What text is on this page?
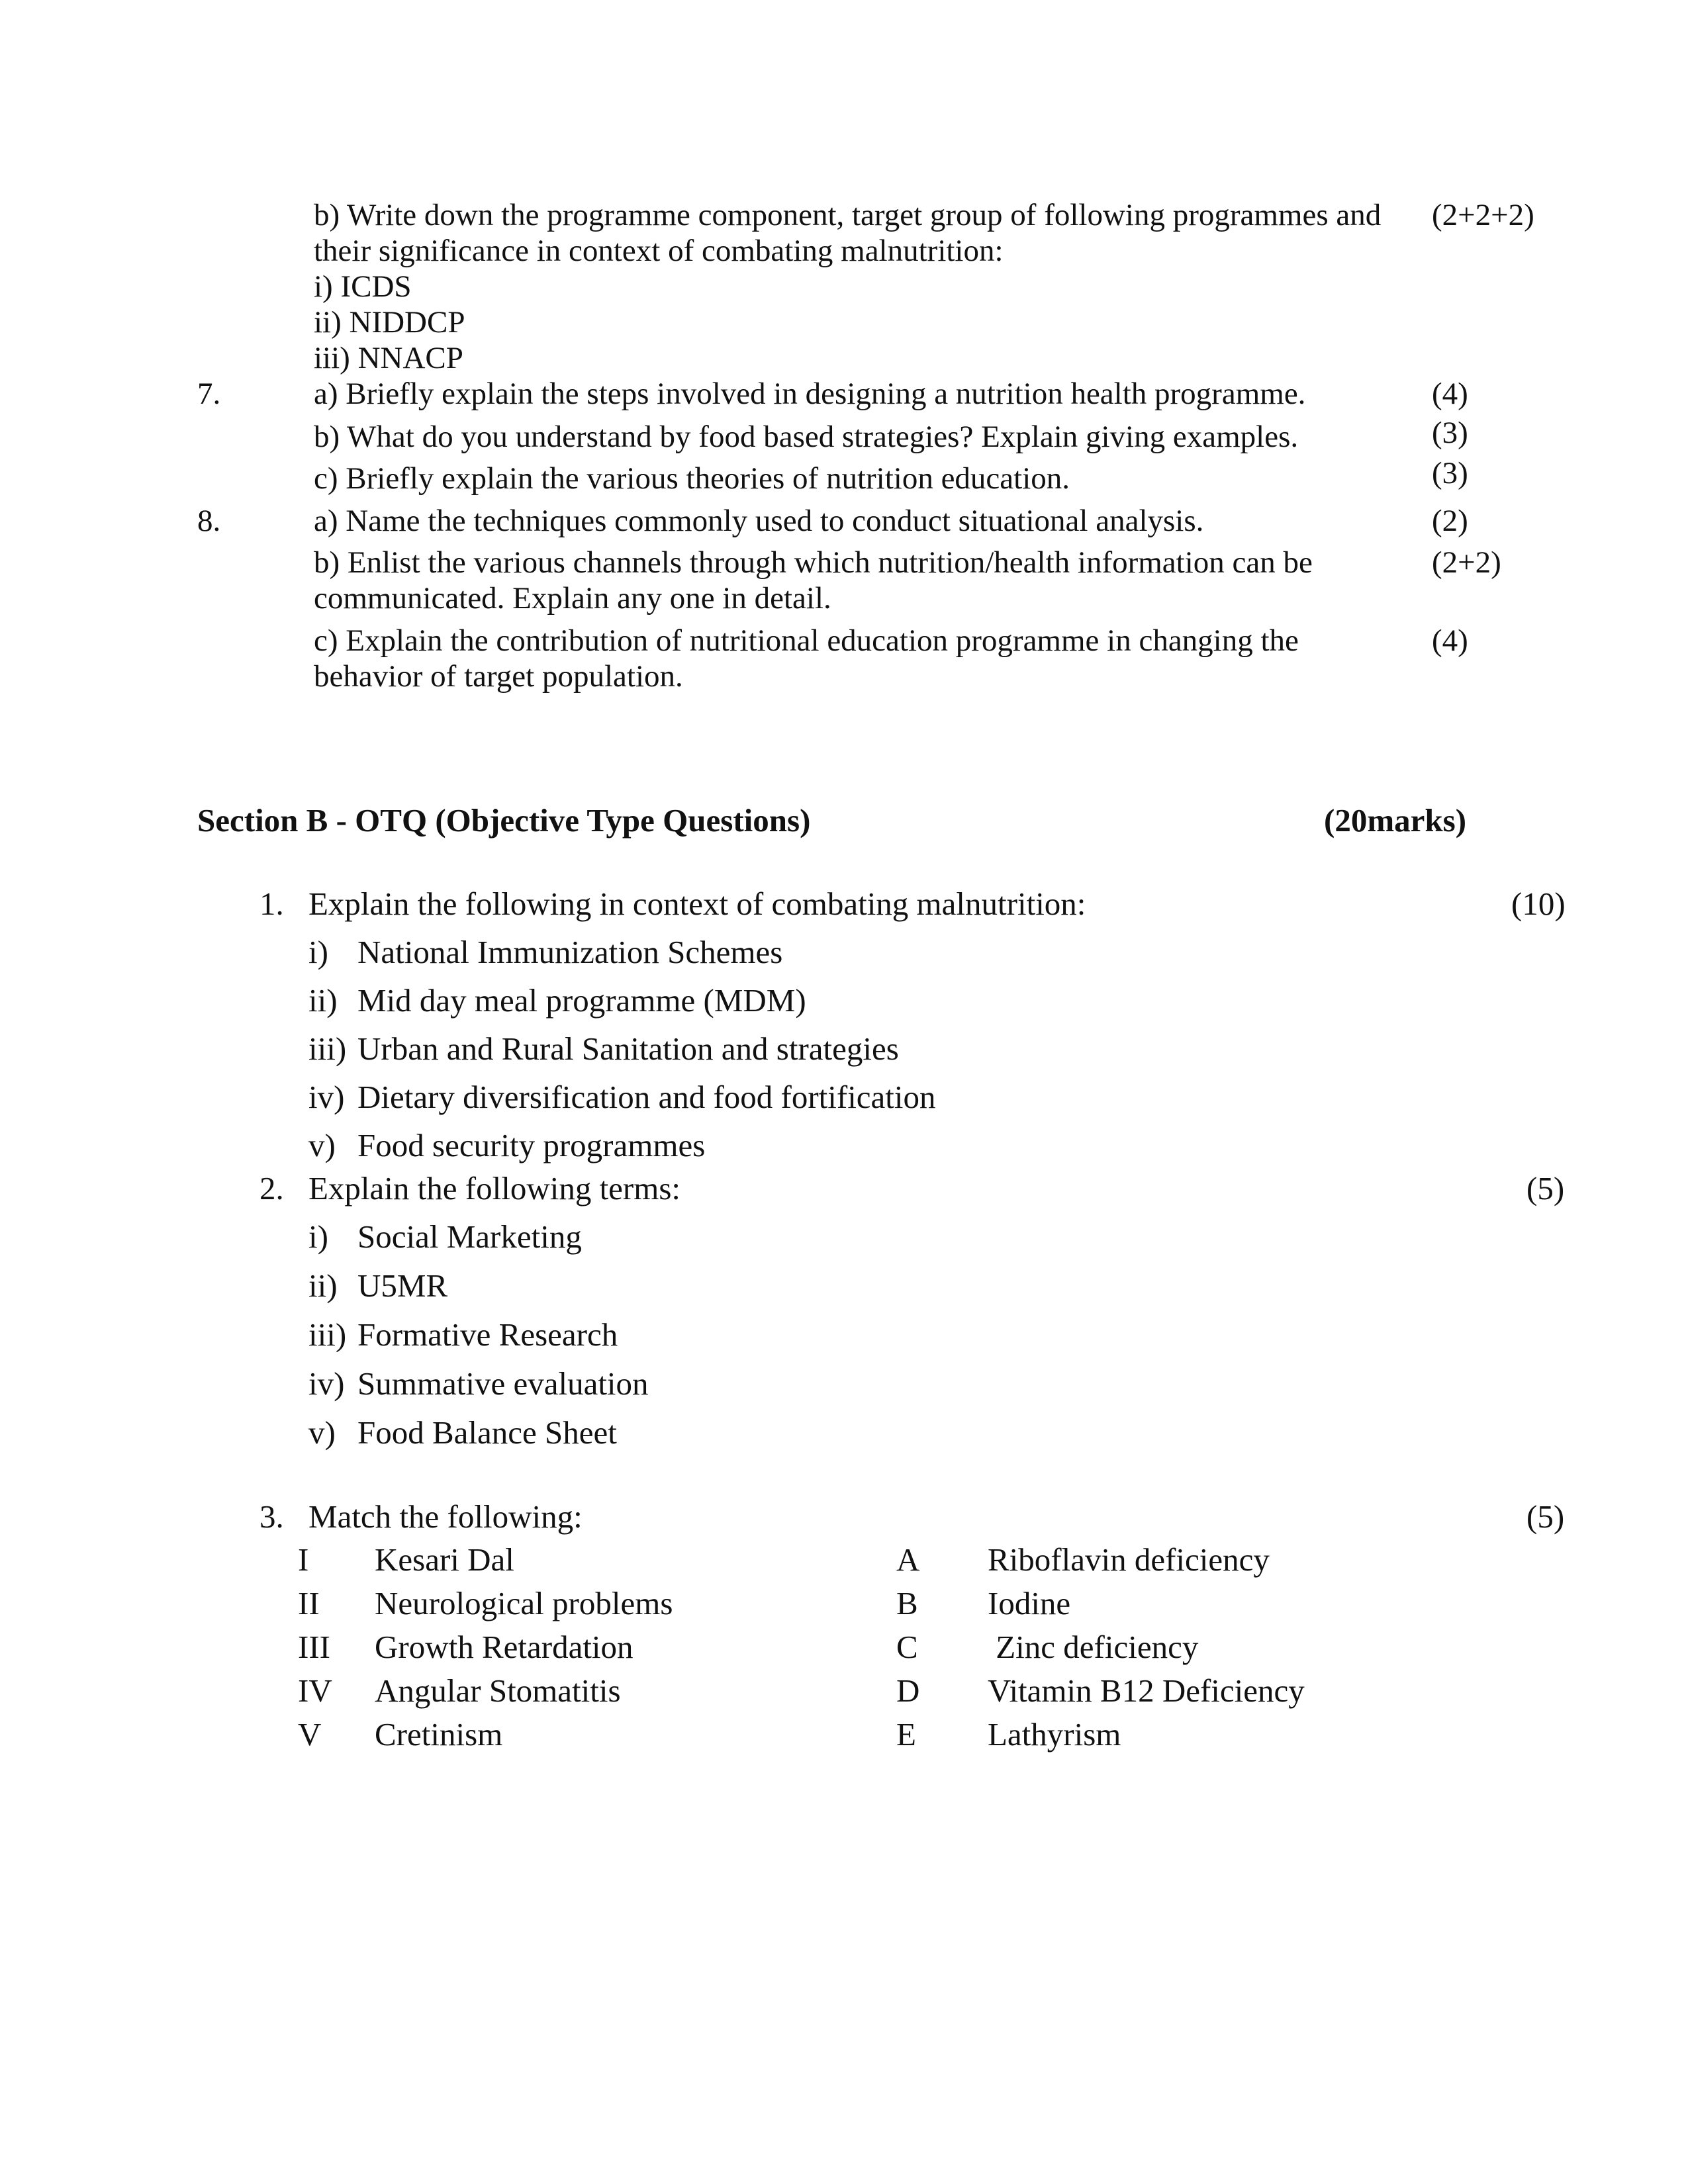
b) Write down the programme component, target group of following programmes and
their significance in context of combating malnutrition:
i) ICDS
ii) NIDDCP
iii) NNACP
(2+2+2)
7.	a) Briefly explain the steps involved in designing a nutrition health programme.	(4)
b) What do you understand by food based strategies? Explain giving examples.	(3)
c) Briefly explain the various theories of nutrition education.	(3)
8.	a) Name the techniques commonly used to conduct situational analysis.	(2)
b) Enlist the various channels through which nutrition/health information can be
communicated. Explain any one in detail.
(2+2)
c) Explain the contribution of nutritional education programme in changing the
behavior of target population.
(4)
Section B - OTQ (Objective Type Questions)	(20marks)
1. Explain the following in context of combating malnutrition:	(10)
i) National Immunization Schemes
ii) Mid day meal programme (MDM)
iii) Urban and Rural Sanitation and strategies
iv) Dietary diversification and food fortification
v) Food security programmes
2. Explain the following terms:	(5)
i) Social Marketing
ii) U5MR
iii) Formative Research
iv) Summative evaluation
v) Food Balance Sheet
3. Match the following:	(5)
I Kesari Dal	A Riboflavin deficiency
II Neurological problems	B Iodine
III Growth Retardation	C Zinc deficiency
IV Angular Stomatitis	D Vitamin B12 Deficiency
V Cretinism	E Lathyrism
